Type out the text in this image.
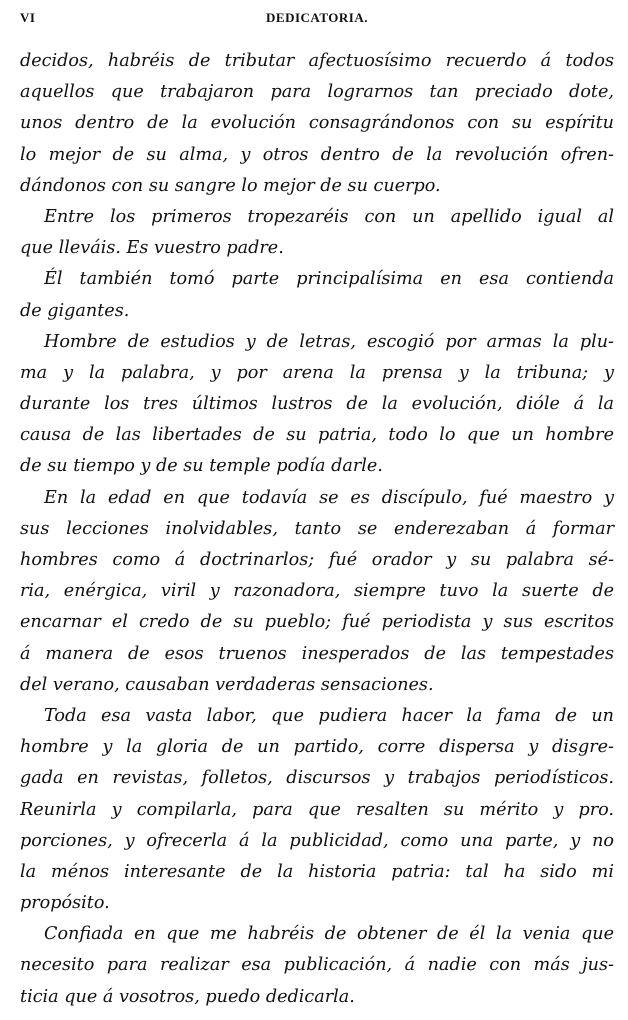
VI	DEDICATORIA.
decidos, habréis de tributar afectuosísimo recuerdo á todos
aquellos que trabajaron para lograrnos tan preciado dote,
unos dentro de la evolución consagrándonos con su espíritu
lo mejor de su alma, y otros dentro de la revolución ofren-
dándonos con su sangre lo mejor de su cuerpo.
Entre los primeros tropezaréis con un apellido igual al
que lleváis. Es vuestro padre.
Él también tomó parte principalísima en esa contienda
de gigantes.
Hombre de estudios y de letras, escogió por armas la plu-
ma y la palabra, y por arena la prensa y la tribuna; y
durante los tres últimos lustros de la evolución, dióle á la
causa de las libertades de su patria, todo lo que un hombre
de su tiempo y de su temple podía darle.
En la edad en que todavía se es discípulo, fué maestro y
sus lecciones inolvidables, tanto se enderezaban á formar
hombres como á doctrinarlos; fué orador y su palabra sé-
ria, enérgica, viril y razonadora, siempre tuvo la suerte de
encarnar el credo de su pueblo; fué periodista y sus escritos
á manera de esos truenos inesperados de las tempestades
del verano, causaban verdaderas sensaciones.
Toda esa vasta labor, que pudiera hacer la fama de un
hombre y la gloria de un partido, corre dispersa y disgre-
gada en revistas, folletos, discursos y trabajos periodísticos.
Reunirla y compilarla, para que resalten su mérito y pro.
porciones, y ofrecerla á la publicidad, como una parte, y no
la ménos interesante de la historia patria: tal ha sido mi
propósito.
Confiada en que me habréis de obtener de él la venia que
necesito para realizar esa publicación, á nadie con más jus-
ticia que á vosotros, puedo dedicarla.
